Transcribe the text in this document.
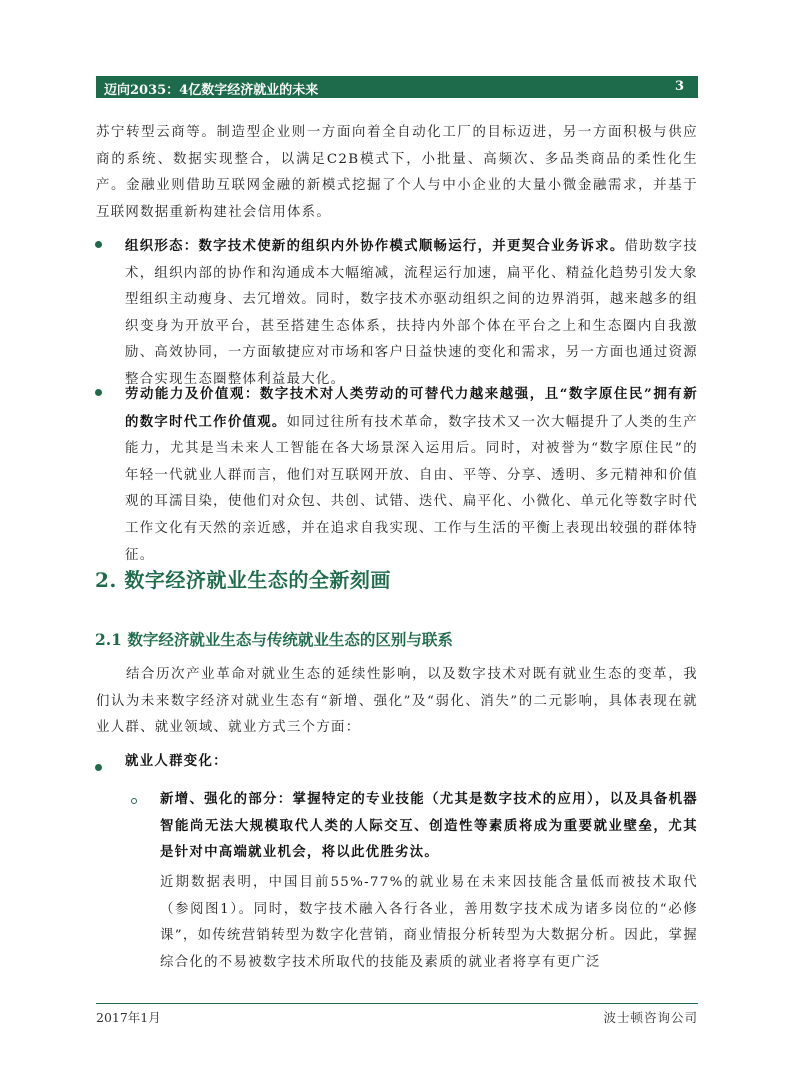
迈向2035：4亿数字经济就业的未来	3

苏宁转型云商等。制造型企业则一方面向着全自动化工厂的目标迈进，另一方面积极与供应商的系统、数据实现整合，以满足C2B模式下，小批量、高频次、多品类商品的柔性化生产。金融业则借助互联网金融的新模式挖掘了个人与中小企业的大量小微金融需求，并基于互联网数据重新构建社会信用体系。

组织形态：数字技术使新的组织内外协作模式顺畅运行，并更契合业务诉求。借助数字技术，组织内部的协作和沟通成本大幅缩减，流程运行加速，扁平化、精益化趋势引发大象型组织主动瘦身、去冗增效。同时，数字技术亦驱动组织之间的边界消弭，越来越多的组织变身为开放平台，甚至搭建生态体系，扶持内外部个体在平台之上和生态圈内自我激励、高效协同，一方面敏捷应对市场和客户日益快速的变化和需求，另一方面也通过资源整合实现生态圈整体利益最大化。

劳动能力及价值观：数字技术对人类劳动的可替代力越来越强，且“数字原住民”拥有新的数字时代工作价值观。如同过往所有技术革命，数字技术又一次大幅提升了人类的生产能力，尤其是当未来人工智能在各大场景深入运用后。同时，对被誉为“数字原住民”的年轻一代就业人群而言，他们对互联网开放、自由、平等、分享、透明、多元精神和价值观的耳濡目染，使他们对众包、共创、试错、迭代、扁平化、小微化、单元化等数字时代工作文化有天然的亲近感，并在追求自我实现、工作与生活的平衡上表现出较强的群体特征。

2. 数字经济就业生态的全新刻画
2.1 数字经济就业生态与传统就业生态的区别与联系

结合历次产业革命对就业生态的延续性影响，以及数字技术对既有就业生态的变革，我们认为未来数字经济对就业生态有“新增、强化”及“弱化、消失”的二元影响，具体表现在就业人群、就业领域、就业方式三个方面：

就业人群变化：

新增、强化的部分：掌握特定的专业技能（尤其是数字技术的应用），以及具备机器智能尚无法大规模取代人类的人际交互、创造性等素质将成为重要就业壁垒，尤其是针对中高端就业机会，将以此优胜劣汰。

近期数据表明，中国目前55%-77%的就业易在未来因技能含量低而被技术取代（参阅图1）。同时，数字技术融入各行各业，善用数字技术成为诸多岗位的“必修课”，如传统营销转型为数字化营销，商业情报分析转型为大数据分析。因此，掌握综合化的不易被数字技术所取代的技能及素质的就业者将享有更广泛

2017年1月	波士顿咨询公司
